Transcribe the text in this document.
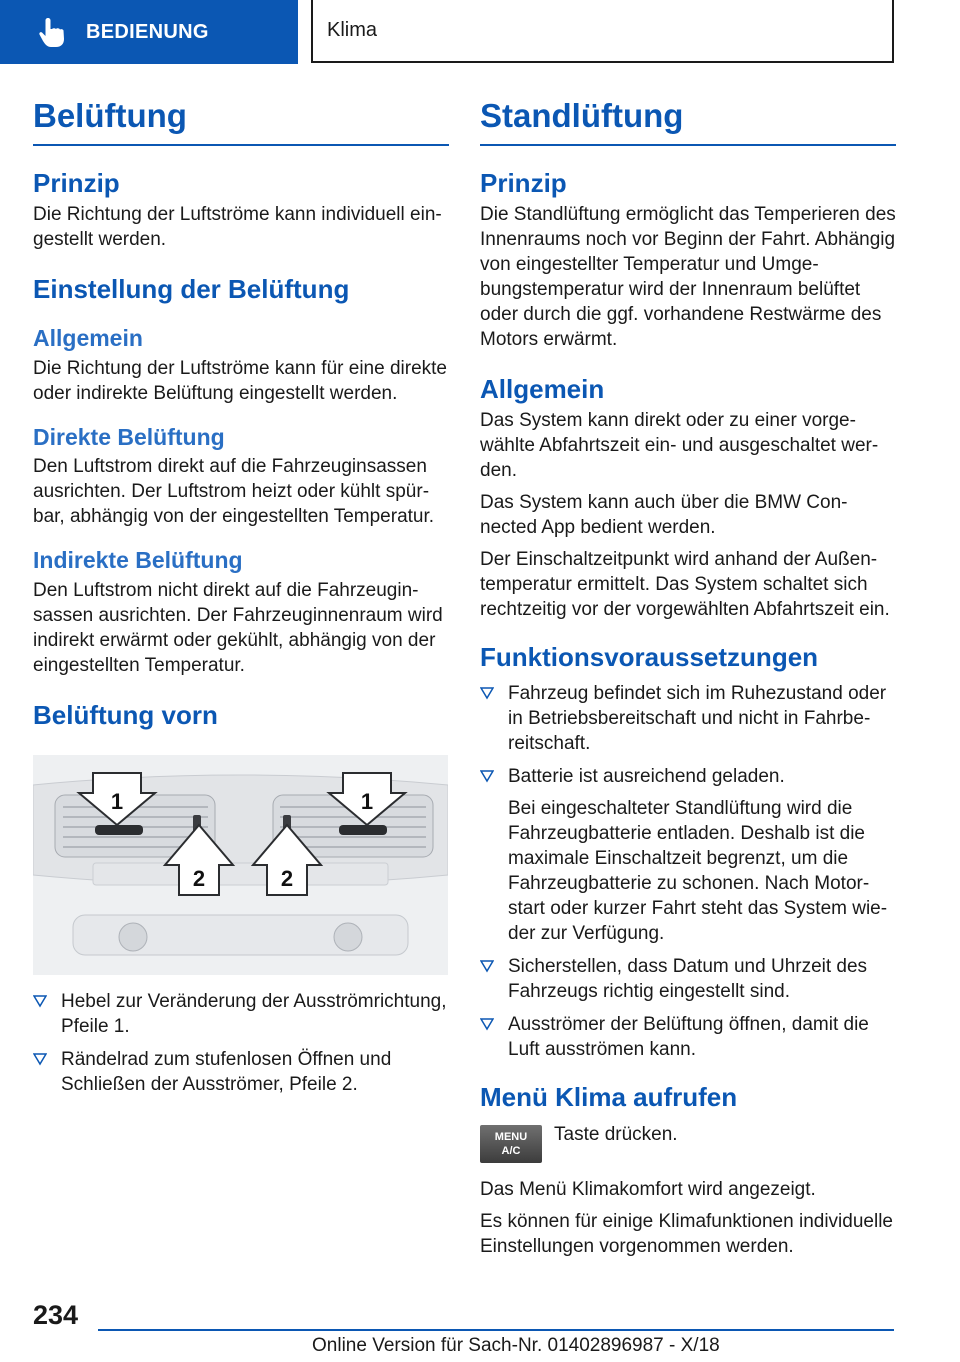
BEDIENUNG	Klima
Belüftung
Prinzip

Die Richtung der Luftströme kann individuell eingestellt werden.

Einstellung der Belüftung
Allgemein

Die Richtung der Luftströme kann für eine direkte oder indirekte Belüftung eingestellt werden.

Direkte Belüftung

Den Luftstrom direkt auf die Fahrzeuginsassen ausrichten. Der Luftstrom heizt oder kühlt spürbar, abhängig von der eingestellten Temperatur.

Indirekte Belüftung

Den Luftstrom nicht direkt auf die Fahrzeuginsassen ausrichten. Der Fahrzeuginnenraum wird indirekt erwärmt oder gekühlt, abhängig von der eingestellten Temperatur.

Belüftung vorn
1	1
2	2
Hebel zur Veränderung der Ausströmrichtung, Pfeile 1.
Rändelrad zum stufenlosen Öffnen und Schließen der Ausströmer, Pfeile 2.
Standlüftung
Prinzip

Die Standlüftung ermöglicht das Temperieren des Innenraums noch vor Beginn der Fahrt. Abhängig von eingestellter Temperatur und Umgebungstemperatur wird der Innenraum belüftet oder durch die ggf. vorhandene Restwärme des Motors erwärmt.

Allgemein

Das System kann direkt oder zu einer vorgewählte Abfahrtszeit ein- und ausgeschaltet werden.

Das System kann auch über die BMW Connected App bedient werden.

Der Einschaltzeitpunkt wird anhand der Außentemperatur ermittelt. Das System schaltet sich rechtzeitig vor der vorgewählten Abfahrtszeit ein.

Funktionsvoraussetzungen
Fahrzeug befindet sich im Ruhezustand oder in Betriebsbereitschaft und nicht in Fahrbereitschaft.
Batterie ist ausreichend geladen.

Bei eingeschalteter Standlüftung wird die Fahrzeugbatterie entladen. Deshalb ist die maximale Einschaltzeit begrenzt, um die Fahrzeugbatterie zu schonen. Nach Motorstart oder kurzer Fahrt steht das System wieder zur Verfügung.

Sicherstellen, dass Datum und Uhrzeit des Fahrzeugs richtig eingestellt sind.
Ausströmer der Belüftung öffnen, damit die Luft ausströmen kann.
Menü Klima aufrufen
MENU
A/C

Taste drücken.

Das Menü Klimakomfort wird angezeigt.

Es können für einige Klimafunktionen individuelle Einstellungen vorgenommen werden.

234
Online Version für Sach-Nr. 01402896987 - X/18
